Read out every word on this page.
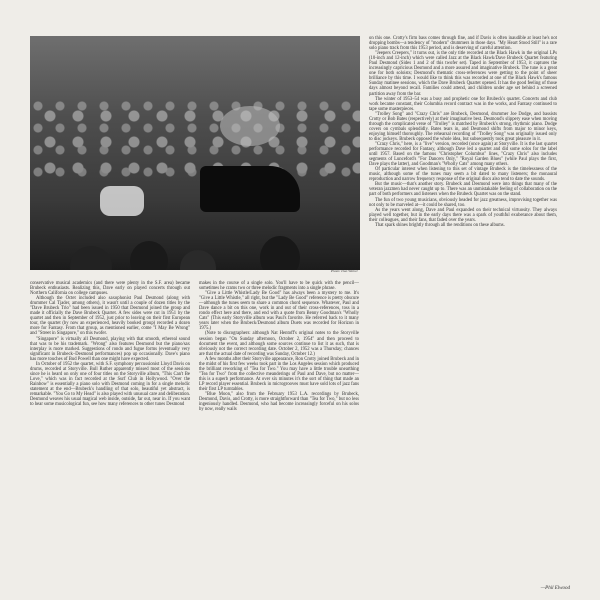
Photo: Dan Weiner

conservative musical academics (and there were plenty in the S.F. area) became Brubeck enthusiasts. Realizing this, Dave early on played concerts through out Northern California on college campuses.

Although the Octet included also saxophonist Paul Desmond (along with drummer Cal Tjader, among others), it wasn't until a couple of dozen titles by the "Dave Brubeck Trio" had been issued in 1950 that Desmond joined the group and made it officially the Dave Brubeck Quartet. A few sides were cut in 1951 by the quartet and then in September of 1952, just prior to leaving on their first European tour, the quartet (by now an experienced, heavily booked group) recorded a dozen more for Fantasy. From that group, as mentioned earlier, come "I May Be Wrong" and "Street in Singapore," on this twofer.

"Singapore" is virtually all Desmond, playing with that smooth, ethereal sound that was to be his trademark. "Wrong" also features Desmond but the piano/sax interplay is more marked. Suggestions of rondo and fugue forms (eventually very significant in Brubeck–Desmond performances) pop up occasionally. Dave's piano has more touches of Bud Powell than one might have expected.

In October of 1952 the quartet, with S.F. symphony percussionist Lloyd Davis on drums, recorded at Storyville. Bull Ruther apparently missed most of the sessions since he is heard on only one of four titles on the Storyville album, "This Can't Be Love," which was in fact recorded at the Surf Club in Hollywood. "Over the Rainbow" is essentially a piano solo with Desmond coming in for a single melodic statement at the end—Brubeck's handling of that solo, beautiful yet abstract, is remarkable. "You Go to My Head" is also played with unusual care and deliberation. Desmond weaves his usual magical web inside, outside, far out, near in. If you want to hear some musicological fun, see how many references to other tunes Desmond

makes in the course of a single solo. You'll have to be quick with the pencil—sometimes he crams two or three melodic fragments into a single phrase.

"Give a Little Whistle/Lady Be Good" has always been a mystery to me. It's "Give a Little Whistle," all right, but the "Lady Be Good" reference is pretty obscure—although the tunes seem to share a common chord sequence. Whatever, Paul and Dave dance a bit on this one, work in and out of their cross-references, toss in a rondo effect here and there, and end with a quote from Benny Goodman's "Wholly Cats" (This early Storyville album was Paul's favorite. He referred back to it many years later when the Brubeck/Desmond album Duets was recorded for Horizon in 1975.)

(Note to discographers: although Nat Hentoff's original notes to the Storyville session began "On Sunday afternoon, October 2, 1954" and then proceed to document the event, and although some sources continue to list it as such, that is obviously not the correct recording date. October 2, 1952 was a Thursday; chances are that the actual date of recording was Sunday, October 12.)

A few months after their Storyville appearance, Ron Crotty joined Brubeck and in the midst of his first few weeks took part in the Los Angeles session which produced the brilliant reworking of "Tea for Two." You may have a little trouble unearthing "Tea for Two" from the collective meanderings of Paul and Dave, but no matter—this is a superb performance. At over six minutes it's the sort of thing that made an LP record player essential. Brubeck in microgrooves must have sold lots of jazz fans their first LP turntables.

"Blue Moon," also from the February 1953 L.A. recordings by Brubeck, Desmond, Davis, and Crotty, is more straightforward than "Tea for Two," but no less ingeniously handled. Desmond, who had become increasingly forceful on his solos by now, really wails

on this one. Crotty's firm bass comes through fine, and if Davis is often inaudible at least he's not dropping bombs—a tendency of "modern" drummers in those days. "My Heart Stood Still" is a rare solo piano track from this 1953 period, and is deserving of careful attention.

"Jeepers Creepers," it turns out, is the only title recorded at the Black Hawk in the original LPs (10-inch and 12-inch) which were called Jazz at the Black Hawk/Dave Brubeck Quartet featuring Paul Desmond (Sides 1 and 2 of this twofer set). Taped in September of 1953, it captures the increasingly capricious Desmond and a more assured and imaginative Brubeck. The tune is a great one for both soloists; Desmond's thematic cross-references were getting to the point of sheer brilliance by this time. I would like to think this was recorded at one of the Black Hawk's famous Sunday matinee sessions, which the Dave Brubeck Quartet opened. It has the good feeling of those days almost beyond recall. Families could attend, and children under age set behind a screened partition away from the bar.

The winter of 1953–54 was a busy and prophetic one for Brubeck's quartet. Concerts and club work became constant, their Columbia record contract was in the works, and Fantasy continued to tape some masterpieces.

"Trolley Song" and "Crazy Chris" are Brubeck, Desmond, drummer Joe Dodge, and bassists Crotty or Bob Bates (respectively) at their imaginative best. Desmond's slippery ease when moving through the complicated verse of "Trolley" is matched by Brubeck's strong, rhythmic piano. Dodge covers on cymbals splendidly. Bates tears in, and Desmond shifts from major to minor keys, enjoying himself thoroughly. The rehearsal recording of "Trolley Song" was originally issued only to disc jockeys. Brubeck opposed the whole idea, but subsequently took great pleasure in it.

"Crazy Chris," here, is a "live" version, recorded (once again) at Storyville. It is the last quartet performance recorded for Fantasy, although Dave led a quartet and did some solos for the label until 1957. Based on the famous "Christopher Columbus" lines, "Crazy Chris" also includes segments of Lunceford's "For Dancers Only," "Royal Garden Blues" (while Paul plays the first, Dave plays the latter), and Goodman's "Wholly Cats" among many others.

Of particular interest when listening to this set of vintage Brubeck is the timelessness of the music, although some of the tunes may seem a bit dated to many listeners; the monaural reproduction and narrow frequency response of the original discs also tend to date the sounds.

But the music—that's another story. Brubeck and Desmond were into things that many of the veteran jazzmen had never caught up to. There was an unmistakable feeling of collaboration on the part of both performers and listeners when the Brubeck Quartet was on the stand.

The fun of two young musicians, obviously headed for jazz greatness, improvising together was not only to be marveled at—it could be shared, too.

As the years went along, Dave and Paul expanded on their technical virtuosity. They always played well together, but in the early days there was a spark of youthful exuberance about them, their colleagues, and their fans, that faded over the years.

That spark shines brightly through all the renditions on these albums.

—Phil Elwood
